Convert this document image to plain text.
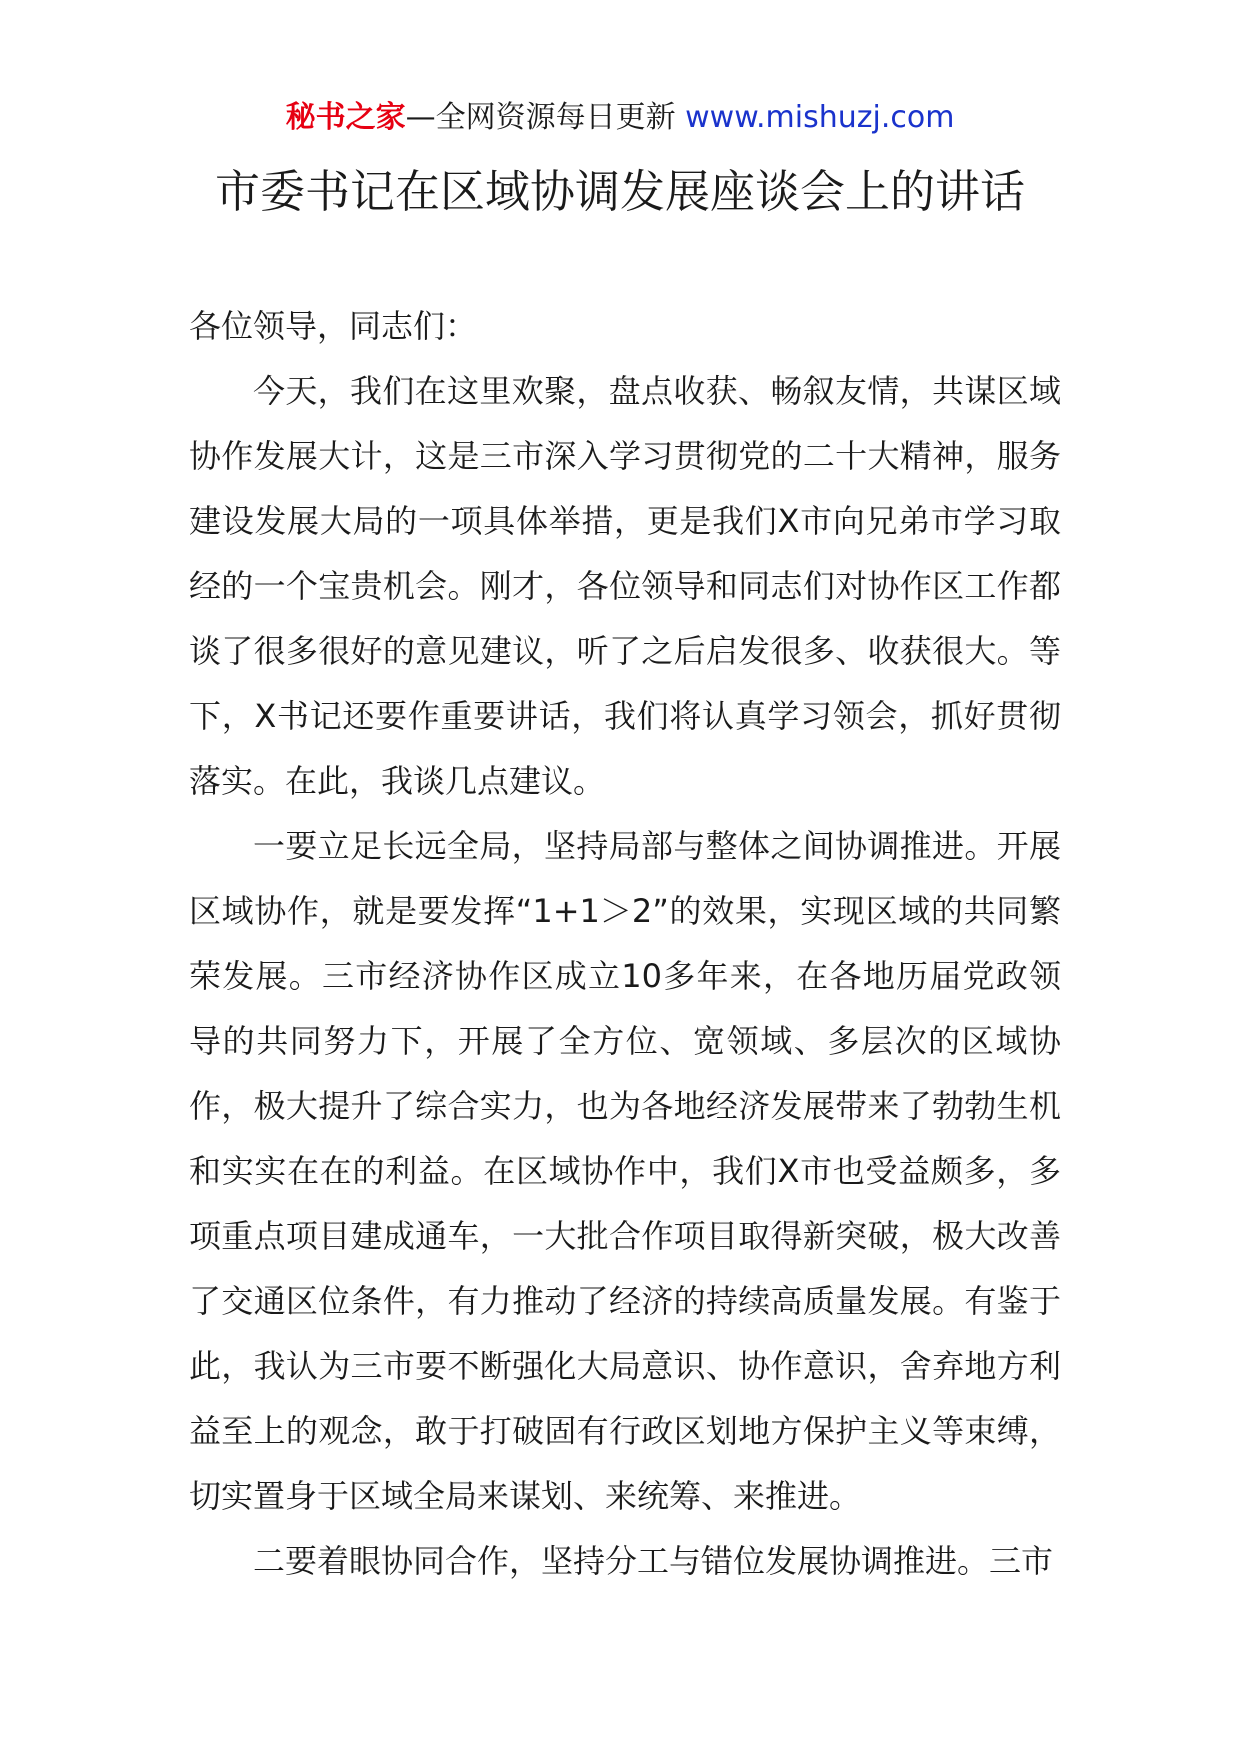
秘书之家—全网资源每日更新 www.mishuzj.com
市委书记在区域协调发展座谈会上的讲话

各位领导，同志们：

今天，我们在这里欢聚，盘点收获、畅叙友情，共谋区域协作发展大计，这是三市深入学习贯彻党的二十大精神，服务建设发展大局的一项具体举措，更是我们X市向兄弟市学习取经的一个宝贵机会。刚才，各位领导和同志们对协作区工作都谈了很多很好的意见建议，听了之后启发很多、收获很大。等下，X书记还要作重要讲话，我们将认真学习领会，抓好贯彻落实。在此，我谈几点建议。

一要立足长远全局，坚持局部与整体之间协调推进。开展区域协作，就是要发挥“1+1＞2”的效果，实现区域的共同繁荣发展。三市经济协作区成立10多年来，在各地历届党政领导的共同努力下，开展了全方位、宽领域、多层次的区域协作，极大提升了综合实力，也为各地经济发展带来了勃勃生机和实实在在的利益。在区域协作中，我们X市也受益颇多，多项重点项目建成通车，一大批合作项目取得新突破，极大改善了交通区位条件，有力推动了经济的持续高质量发展。有鉴于此，我认为三市要不断强化大局意识、协作意识，舍弃地方利益至上的观念，敢于打破固有行政区划地方保护主义等束缚，切实置身于区域全局来谋划、来统筹、来推进。

二要着眼协同合作，坚持分工与错位发展协调推进。三市
